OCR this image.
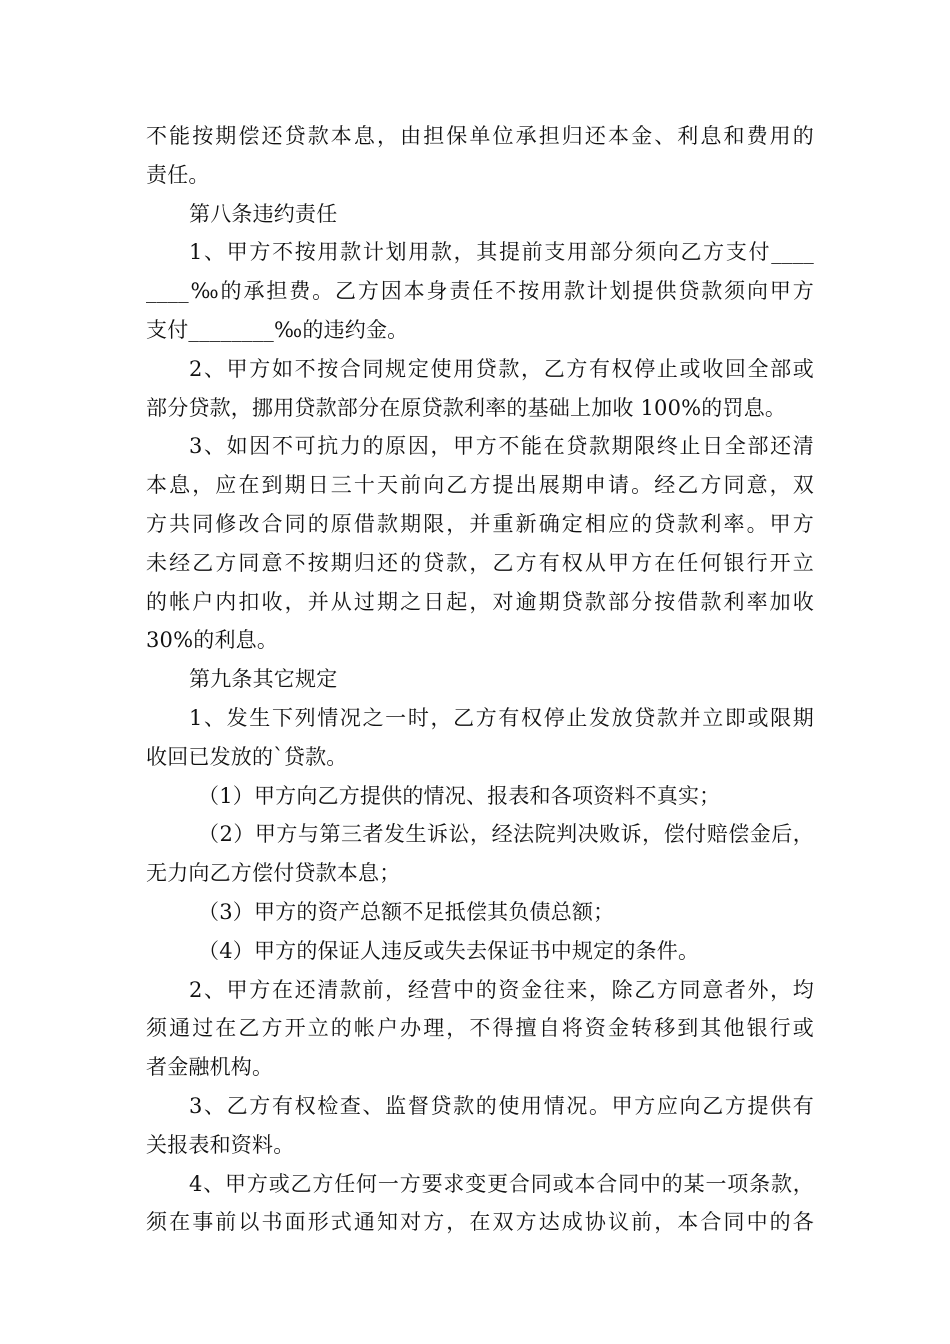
不能按期偿还贷款本息，由担保单位承担归还本金、利息和费用的
责任。
第八条违约责任
1、甲方不按用款计划用款，其提前支用部分须向乙方支付____
____‰的承担费。乙方因本身责任不按用款计划提供贷款须向甲方
支付________‰的违约金。
2、甲方如不按合同规定使用贷款，乙方有权停止或收回全部或
部分贷款，挪用贷款部分在原贷款利率的基础上加收 100%的罚息。
3、如因不可抗力的原因，甲方不能在贷款期限终止日全部还清
本息，应在到期日三十天前向乙方提出展期申请。经乙方同意，双
方共同修改合同的原借款期限，并重新确定相应的贷款利率。甲方
未经乙方同意不按期归还的贷款，乙方有权从甲方在任何银行开立
的帐户内扣收，并从过期之日起，对逾期贷款部分按借款利率加收
30%的利息。
第九条其它规定
1、发生下列情况之一时，乙方有权停止发放贷款并立即或限期
收回已发放的`贷款。
（1）甲方向乙方提供的情况、报表和各项资料不真实；
（2）甲方与第三者发生诉讼，经法院判决败诉，偿付赔偿金后，
无力向乙方偿付贷款本息；
（3）甲方的资产总额不足抵偿其负债总额；
（4）甲方的保证人违反或失去保证书中规定的条件。
2、甲方在还清款前，经营中的资金往来，除乙方同意者外，均
须通过在乙方开立的帐户办理，不得擅自将资金转移到其他银行或
者金融机构。
3、乙方有权检查、监督贷款的使用情况。甲方应向乙方提供有
关报表和资料。
4、甲方或乙方任何一方要求变更合同或本合同中的某一项条款，
须在事前以书面形式通知对方，在双方达成协议前，本合同中的各
